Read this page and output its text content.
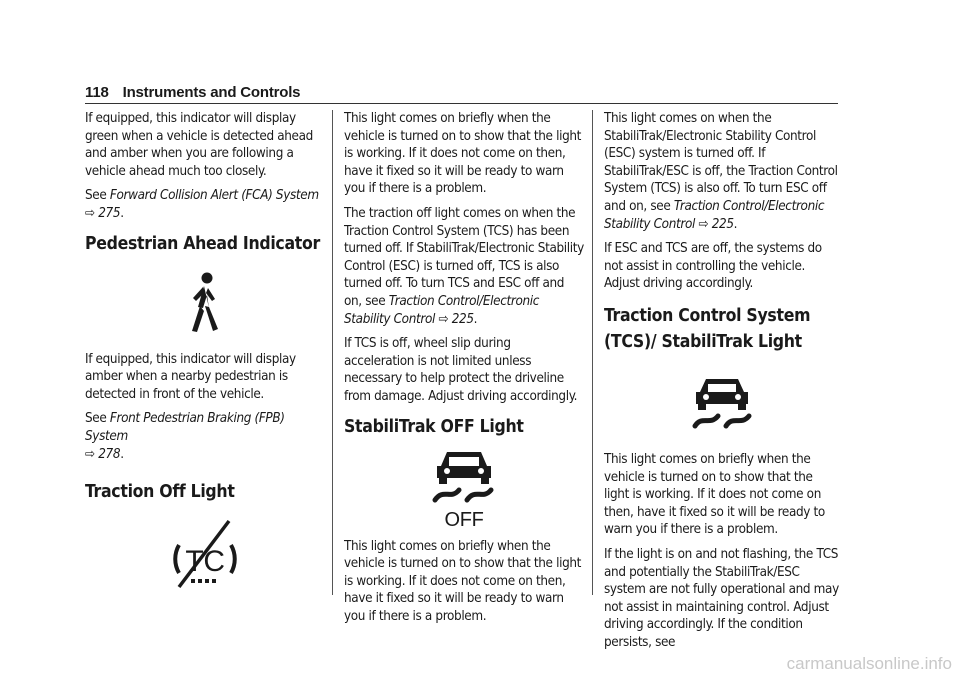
118 Instruments and Controls

If equipped, this indicator will display green when a vehicle is detected ahead and amber when you are following a vehicle ahead much too closely.

See Forward Collision Alert (FCA) System
⇨ 275.

Pedestrian Ahead Indicator

If equipped, this indicator will display amber when a nearby pedestrian is detected in front of the vehicle.

See Front Pedestrian Braking (FPB) System
⇨ 278.

Traction Off Light
TC

This light comes on briefly when the vehicle is turned on to show that the light is working. If it does not come on then, have it fixed so it will be ready to warn you if there is a problem.

The traction off light comes on when the Traction Control System (TCS) has been turned off. If StabiliTrak/Electronic Stability Control (ESC) is turned off, TCS is also turned off. To turn TCS and ESC off and on, see Traction Control/Electronic Stability Control ⇨ 225.

If TCS is off, wheel slip during acceleration is not limited unless necessary to help protect the driveline from damage. Adjust driving accordingly.

StabiliTrak OFF Light
OFF

This light comes on briefly when the vehicle is turned on to show that the light is working. If it does not come on then, have it fixed so it will be ready to warn you if there is a problem.

This light comes on when the StabiliTrak/Electronic Stability Control (ESC) system is turned off. If StabiliTrak/ESC is off, the Traction Control System (TCS) is also off. To turn ESC off and on, see Traction Control/Electronic Stability Control ⇨ 225.

If ESC and TCS are off, the systems do not assist in controlling the vehicle. Adjust driving accordingly.

Traction Control System (TCS)/ StabiliTrak Light

This light comes on briefly when the vehicle is turned on to show that the light is working. If it does not come on then, have it fixed so it will be ready to warn you if there is a problem.

If the light is on and not flashing, the TCS and potentially the StabiliTrak/ESC system are not fully operational and may not assist in maintaining control. Adjust driving accordingly. If the condition persists, see

carmanualsonline.info
